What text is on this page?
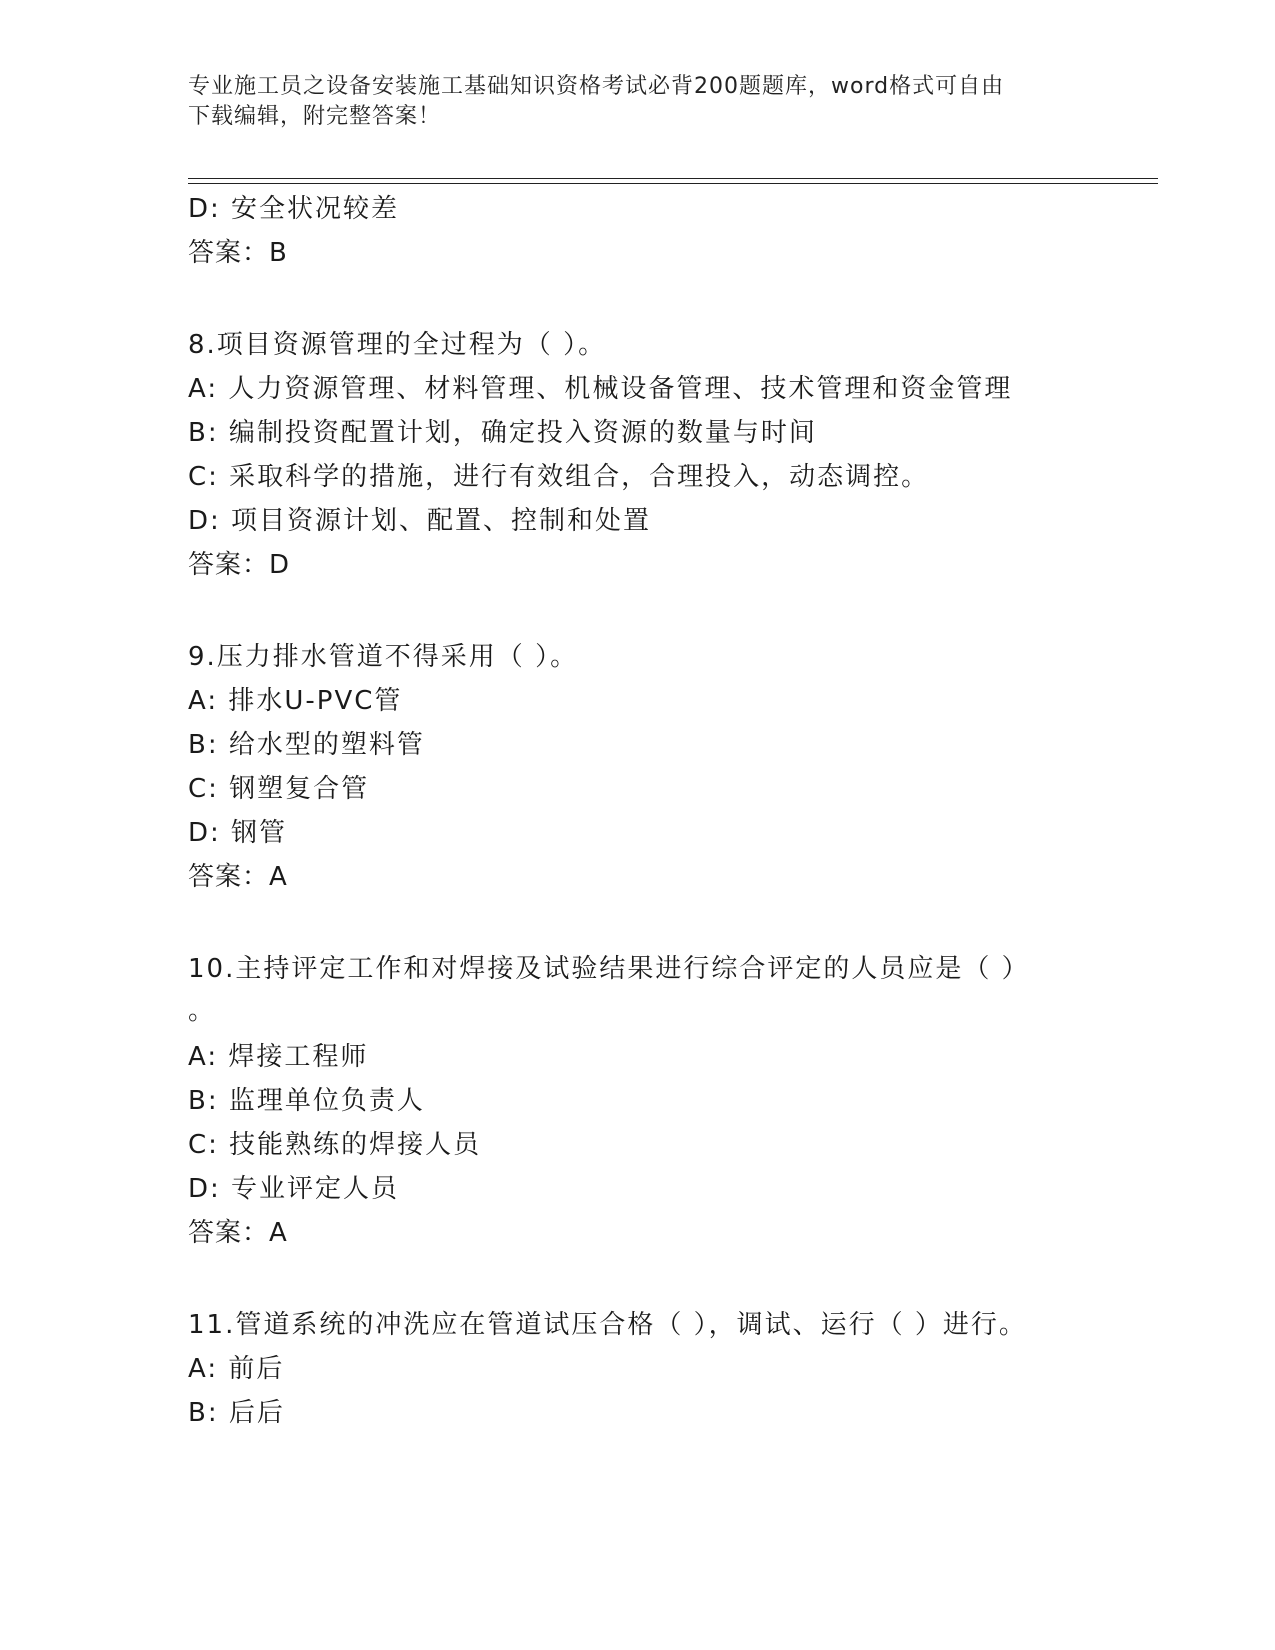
专业施工员之设备安装施工基础知识资格考试必背200题题库，word格式可自由
下载编辑，附完整答案！
D: 安全状况较差
答案：B
8.项目资源管理的全过程为（ ）。
A: 人力资源管理、材料管理、机械设备管理、技术管理和资金管理
B: 编制投资配置计划，确定投入资源的数量与时间
C: 采取科学的措施，进行有效组合，合理投入，动态调控。
D: 项目资源计划、配置、控制和处置
答案：D
9.压力排水管道不得采用（ ）。
A: 排水U-PVC管
B: 给水型的塑料管
C: 钢塑复合管
D: 钢管
答案：A
10.主持评定工作和对焊接及试验结果进行综合评定的人员应是（ ）
。
A: 焊接工程师
B: 监理单位负责人
C: 技能熟练的焊接人员
D: 专业评定人员
答案：A
11.管道系统的冲洗应在管道试压合格（ ），调试、运行（ ）进行。
A: 前后
B: 后后
